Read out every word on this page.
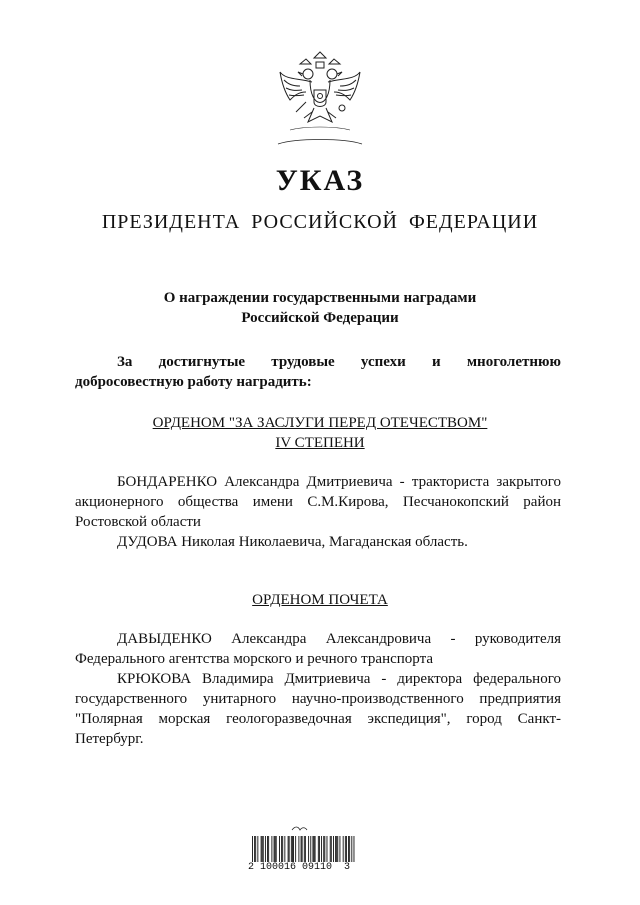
УКАЗ
ПРЕЗИДЕНТА РОССИЙСКОЙ ФЕДЕРАЦИИ
О награждении государственными наградами
Российской Федерации
За достигнутые трудовые успехи и многолетнюю
добросовестную работу наградить:
ОРДЕНОМ "ЗА ЗАСЛУГИ ПЕРЕД ОТЕЧЕСТВОМ"
IV СТЕПЕНИ
БОНДАРЕНКО Александра Дмитриевича - тракториста закрытого акционерного общества имени С.М.Кирова, Песчанокопский район Ростовской области
ДУДОВА Николая Николаевича, Магаданская область.
ОРДЕНОМ ПОЧЕТА
ДАВЫДЕНКО Александра Александровича - руководителя Федерального агентства морского и речного транспорта
КРЮКОВА Владимира Дмитриевича - директора федерального государственного унитарного научно-производственного предприятия "Полярная морская геологоразведочная экспедиция", город Санкт-Петербург.
2 100016 09110  3
